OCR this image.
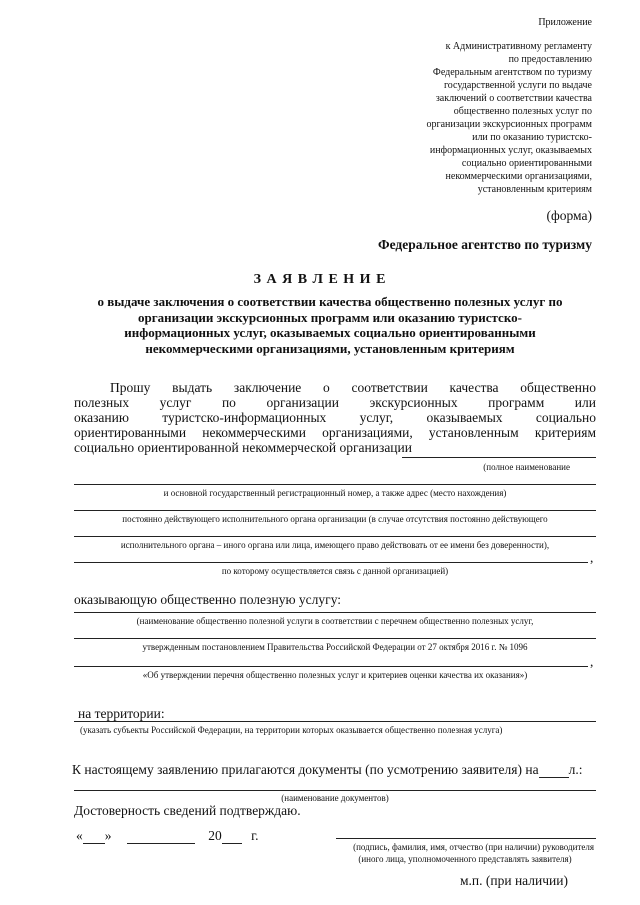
Приложение
к Административному регламенту
по предоставлению
Федеральным агентством по туризму
государственной услуги по выдаче
заключений о соответствии качества
общественно полезных услуг по
организации экскурсионных программ
или по оказанию туристско-
информационных услуг, оказываемых
социально ориентированными
некоммерческими организациями,
установленным критериям
(форма)
Федеральное агентство по туризму
З А Я В Л Е Н И Е
о выдаче заключения о соответствии качества общественно полезных услуг по
организации экскурсионных программ или оказанию туристско-
информационных услуг, оказываемых социально ориентированными
некоммерческими организациями, установленным критериям
Прошу выдать заключение о соответствии качества общественно
полезных услуг по организации экскурсионных программ или
оказанию туристско-информационных услуг, оказываемых социально
ориентированными некоммерческими организациями, установленным критериям
социально ориентированной некоммерческой организации
(полное наименование
и основной государственный регистрационный номер, а также адрес (место нахождения)
постоянно действующего исполнительного органа организации (в случае отсутствия постоянно действующего
исполнительного органа – иного органа или лица, имеющего право действовать от ее имени без доверенности),
,
по которому осуществляется связь с данной организацией)
оказывающую общественно полезную услугу:
(наименование общественно полезной услуги в соответствии с перечнем общественно полезных услуг,
утвержденным постановлением Правительства Российской Федерации от 27 октября 2016 г. № 1096
,
«Об утверждении перечня общественно полезных услуг и критериев оценки качества их оказания»)
на территории:
(указать субъекты Российской Федерации, на территории которых оказывается общественно полезная услуга)
К настоящему заявлению прилагаются документы (по усмотрению заявителя) на л.:
(наименование документов)
Достоверность сведений подтверждаю.
« »	20 г.
(подпись, фамилия, имя, отчество (при наличии) руководителя
(иного лица, уполномоченного представлять заявителя)
м.п. (при наличии)
